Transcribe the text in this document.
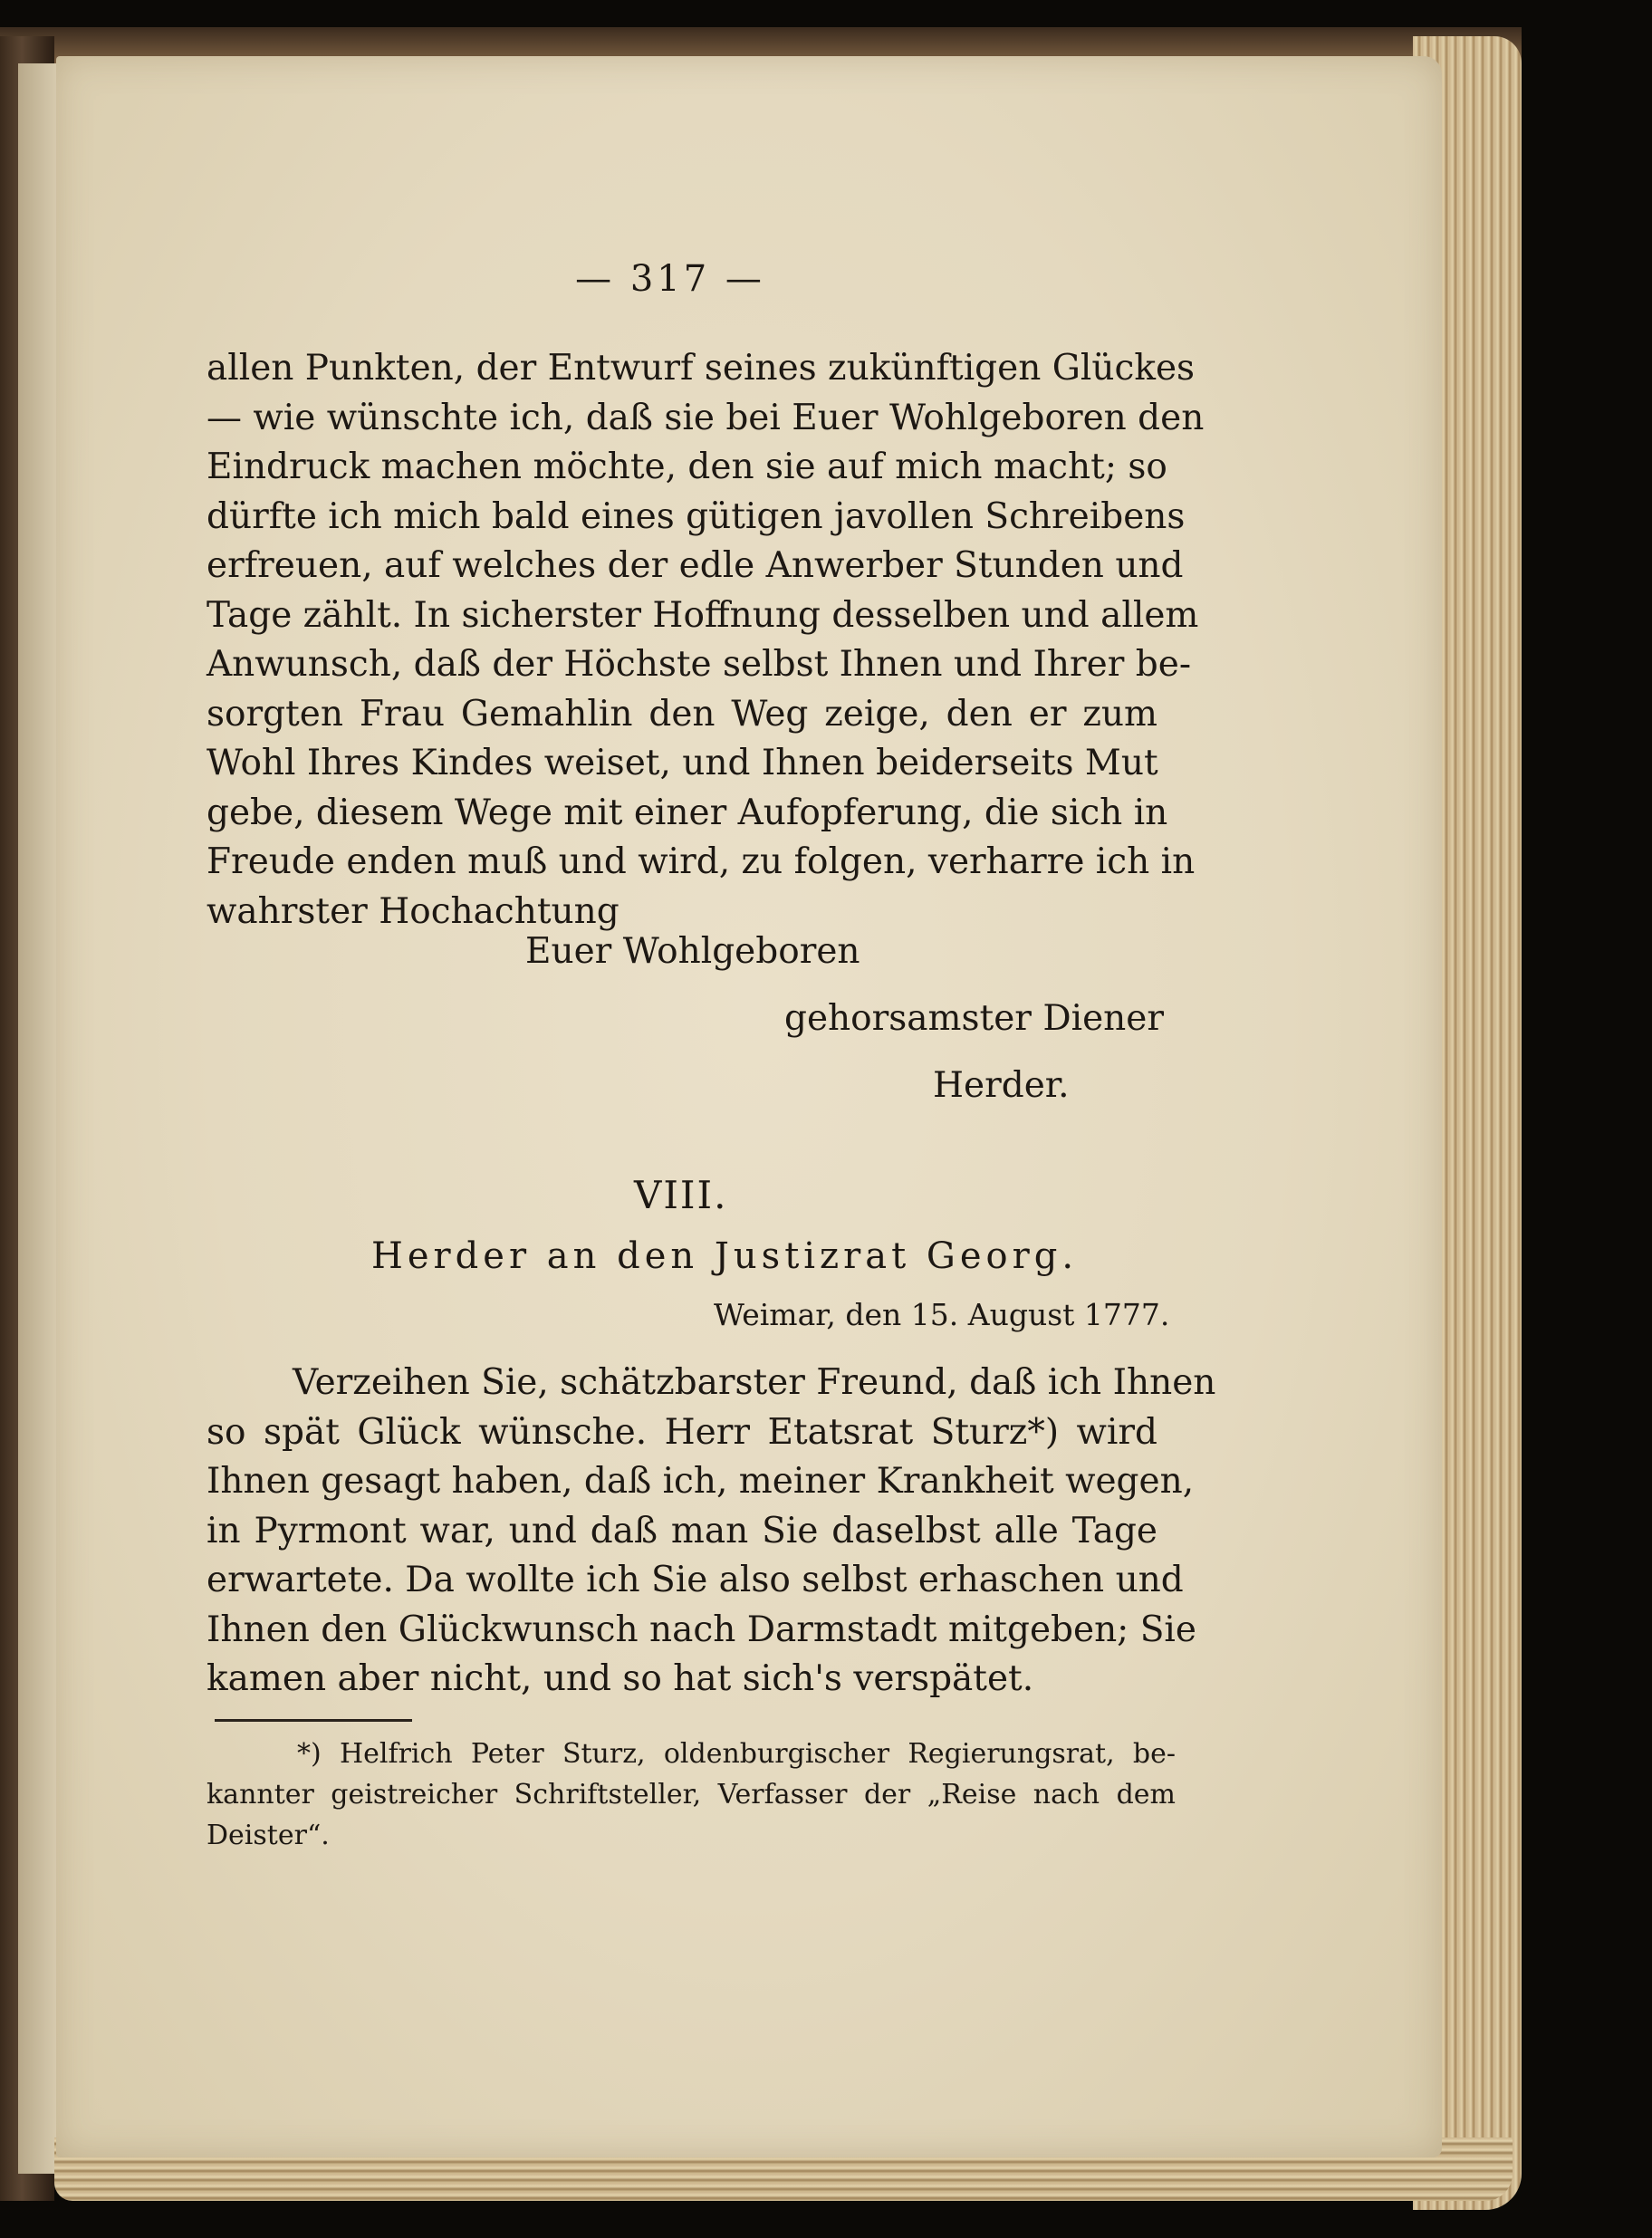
— 317 —
allen Punkten, der Entwurf seines zukünftigen Glückes
— wie wünschte ich, daß sie bei Euer Wohlgeboren den
Eindruck machen möchte, den sie auf mich macht; so
dürfte ich mich bald eines gütigen javollen Schreibens
erfreuen, auf welches der edle Anwerber Stunden und
Tage zählt. In sicherster Hoffnung desselben und allem
Anwunsch, daß der Höchste selbst Ihnen und Ihrer be-
sorgten Frau Gemahlin den Weg zeige, den er zum
Wohl Ihres Kindes weiset, und Ihnen beiderseits Mut
gebe, diesem Wege mit einer Aufopferung, die sich in
Freude enden muß und wird, zu folgen, verharre ich in
wahrster Hochachtung
Euer Wohlgeboren
gehorsamster Diener
Herder.
VIII.
Herder an den Justizrat Georg.
Weimar, den 15. August 1777.
Verzeihen Sie, schätzbarster Freund, daß ich Ihnen
so spät Glück wünsche. Herr Etatsrat Sturz*) wird
Ihnen gesagt haben, daß ich, meiner Krankheit wegen,
in Pyrmont war, und daß man Sie daselbst alle Tage
erwartete. Da wollte ich Sie also selbst erhaschen und
Ihnen den Glückwunsch nach Darmstadt mitgeben; Sie
kamen aber nicht, und so hat sich's verspätet.
*) Helfrich Peter Sturz, oldenburgischer Regierungsrat, be-
kannter geistreicher Schriftsteller, Verfasser der „Reise nach dem
Deister“.
